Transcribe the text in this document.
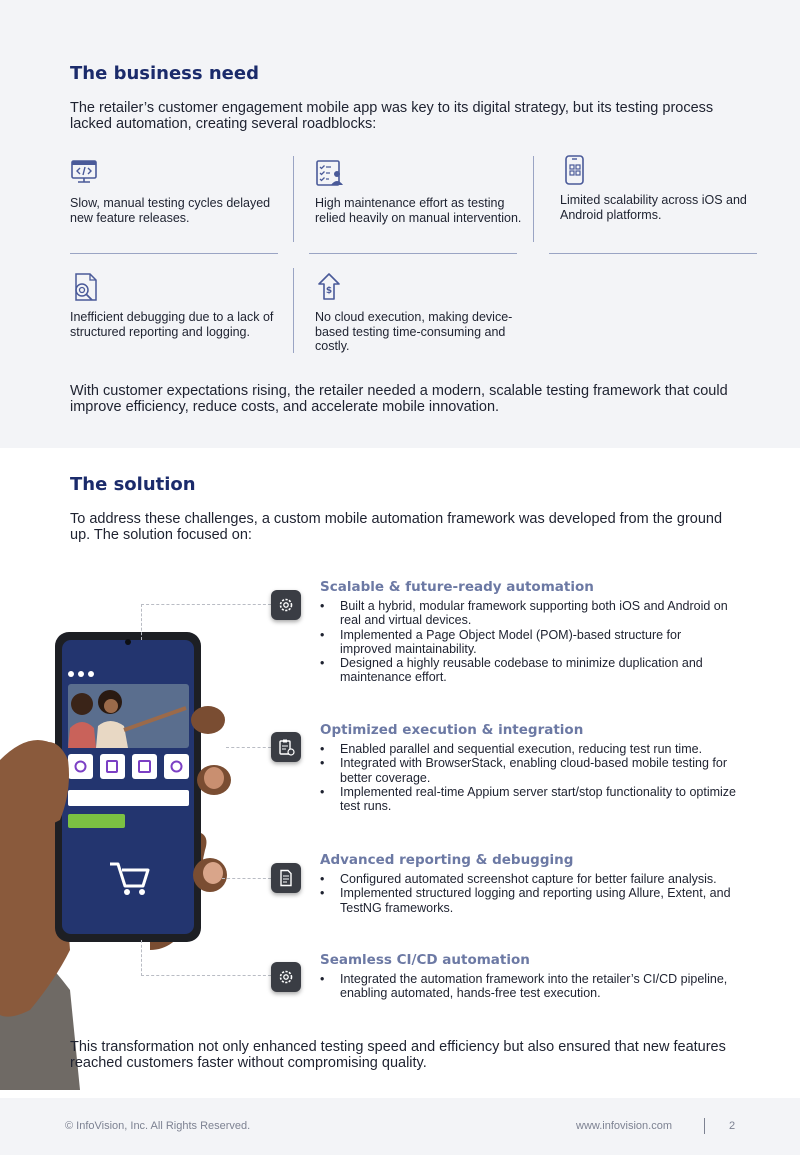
The business need

The retailer’s customer engagement mobile app was key to its digital strategy, but its testing process lacked automation, creating several roadblocks:

Slow, manual testing cycles delayed new feature releases.
High maintenance effort as testing relied heavily on manual intervention.
Limited scalability across iOS and Android platforms.
Inefficient debugging due to a lack of structured reporting and logging.
$
No cloud execution, making device-based testing time-consuming and costly.

With customer expectations rising, the retailer needed a modern, scalable testing framework that could improve efficiency, reduce costs, and accelerate mobile innovation.

The solution

To address these challenges, a custom mobile automation framework was developed from the ground up. The solution focused on:

Scalable & future-ready automation
• Built a hybrid, modular framework supporting both iOS and Android on real and virtual devices.
• Implemented a Page Object Model (POM)-based structure for improved maintainability.
• Designed a highly reusable codebase to minimize duplication and maintenance effort.
Optimized execution & integration
• Enabled parallel and sequential execution, reducing test run time.
• Integrated with BrowserStack, enabling cloud-based mobile testing for better coverage.
• Implemented real-time Appium server start/stop functionality to optimize test runs.
Advanced reporting & debugging
• Configured automated screenshot capture for better failure analysis.
• Implemented structured logging and reporting using Allure, Extent, and TestNG frameworks.
Seamless CI/CD automation
• Integrated the automation framework into the retailer’s CI/CD pipeline, enabling automated, hands-free test execution.

This transformation not only enhanced testing speed and efficiency but also ensured that new features reached customers faster without compromising quality.

© InfoVision, Inc. All Rights Reserved.	www.infovision.com	2
